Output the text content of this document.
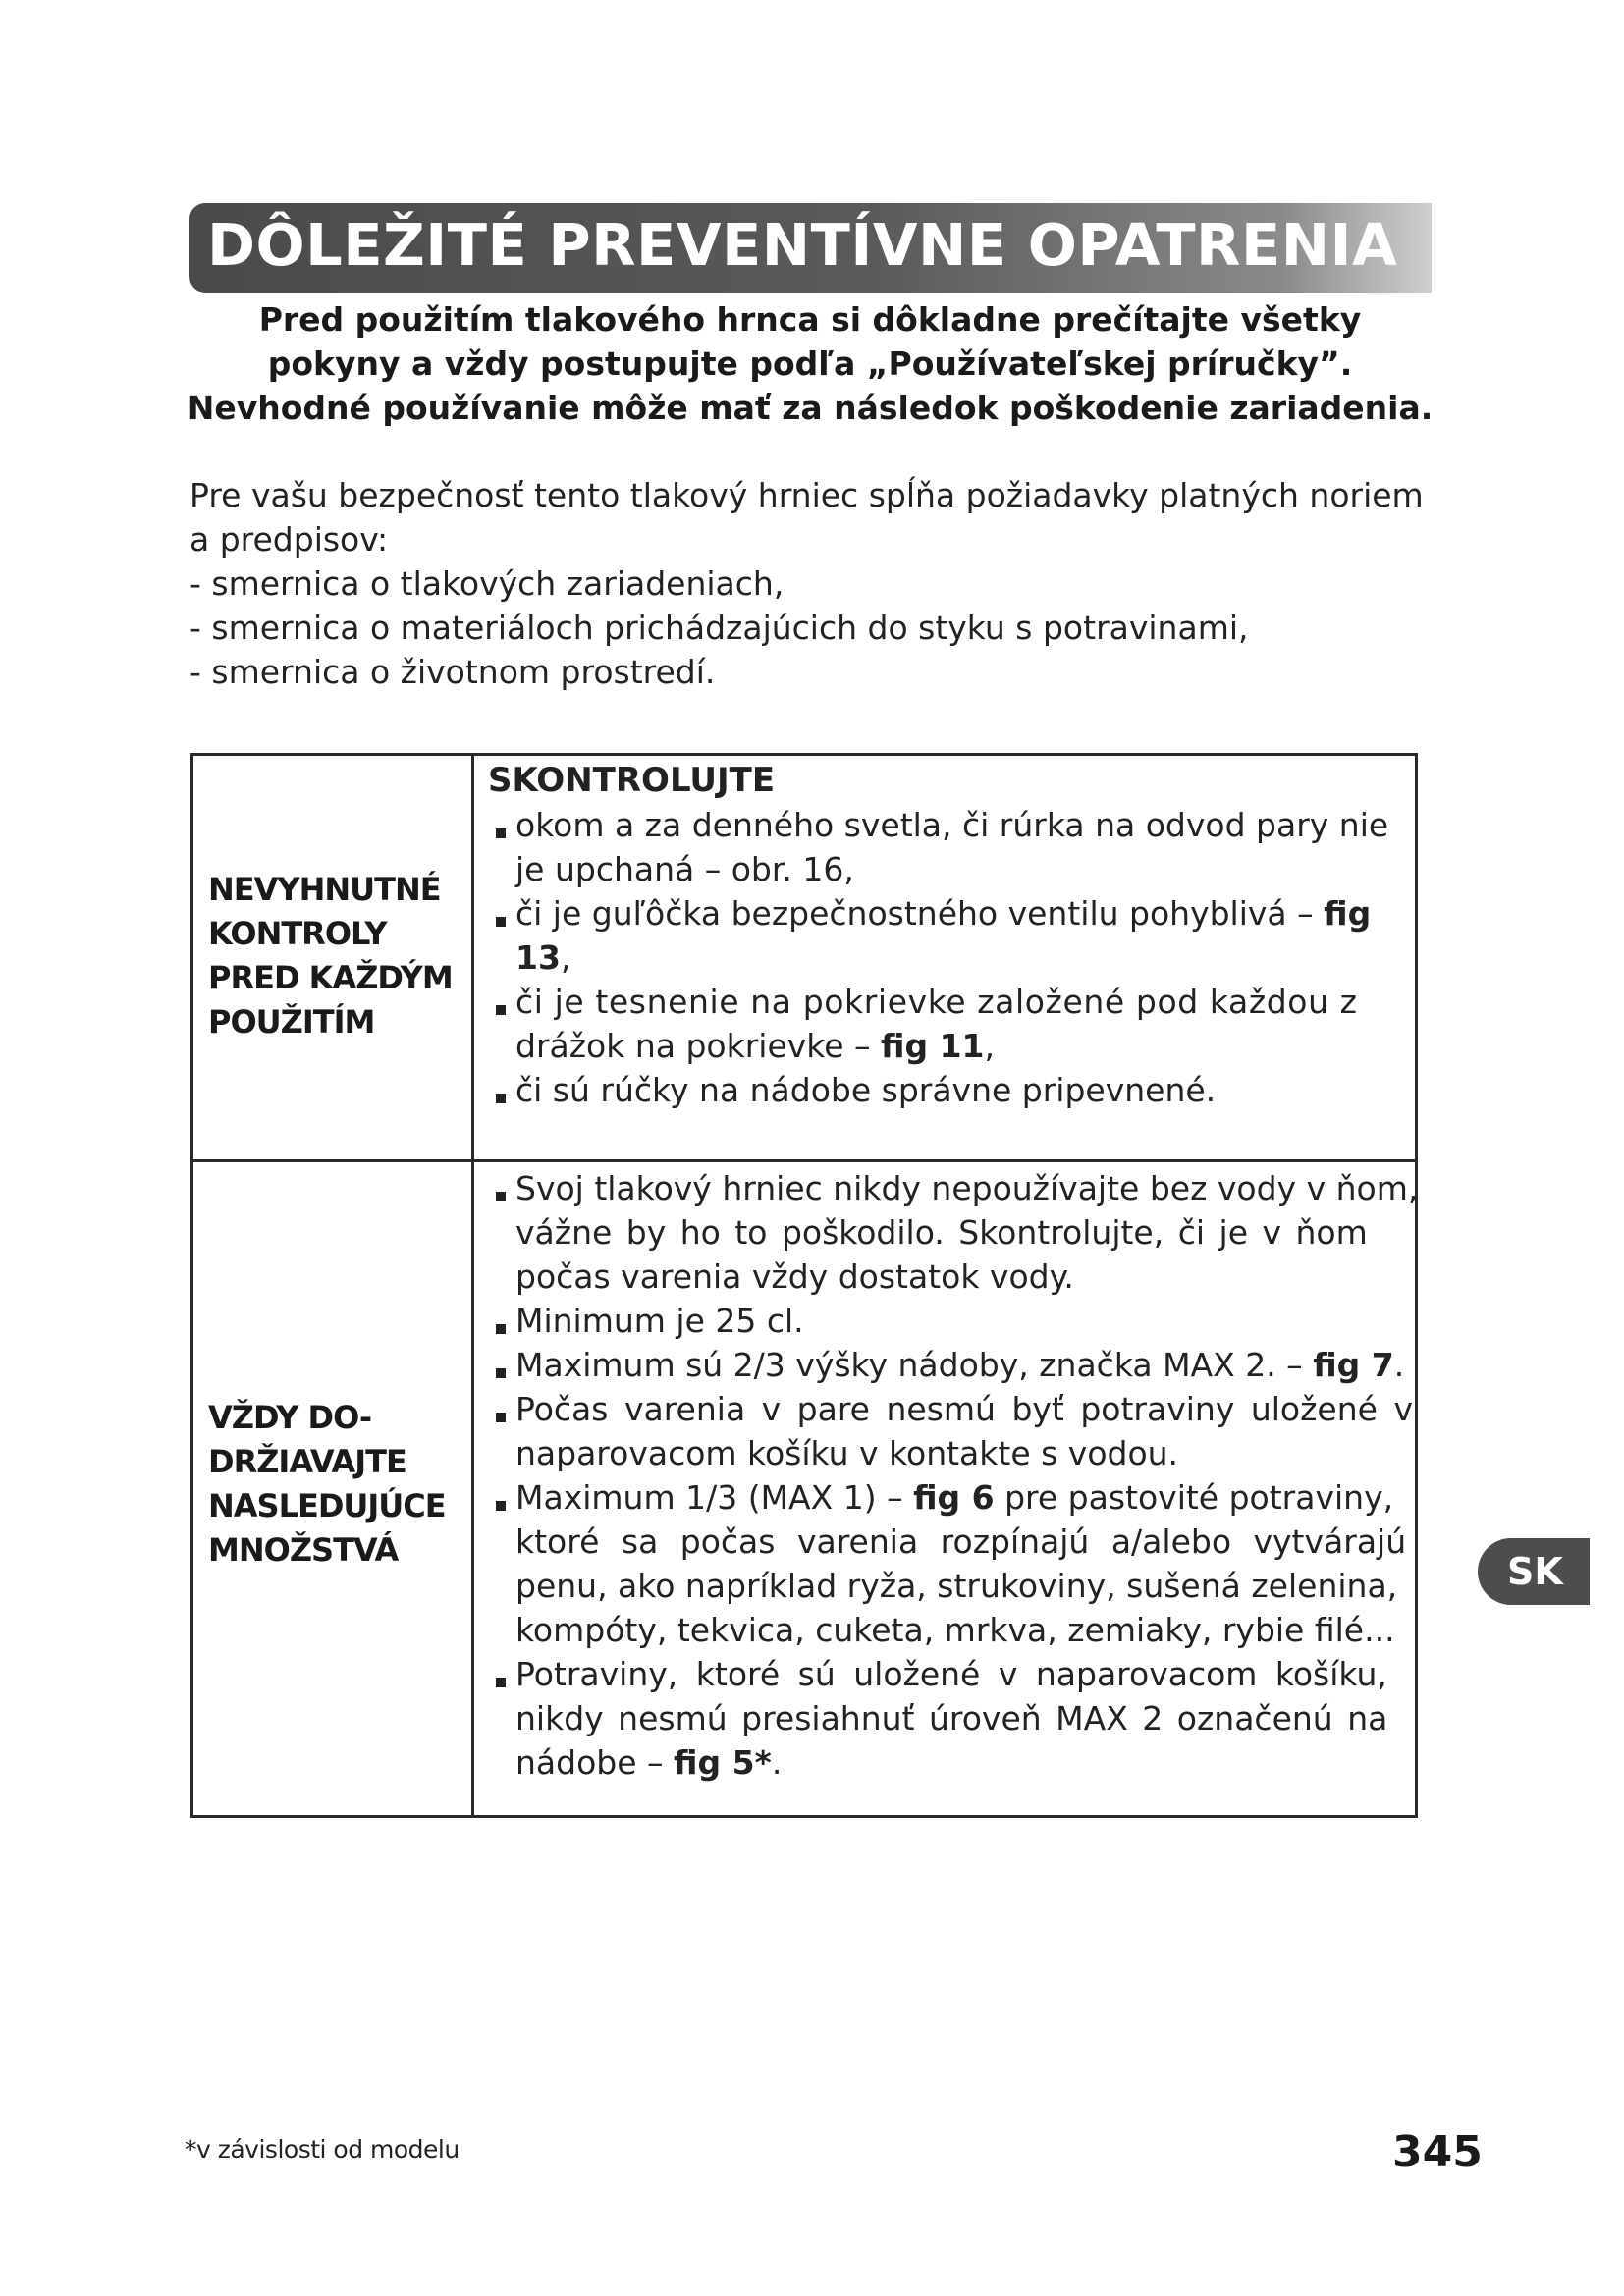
DÔLEŽITÉ PREVENTÍVNE OPATRENIA
Pred použitím tlakového hrnca si dôkladne prečítajte všetky
pokyny a vždy postupujte podľa „Používateľskej príručky”.
Nevhodné používanie môže mať za následok poškodenie zariadenia.
Pre vašu bezpečnosť tento tlakový hrniec spĺňa požiadavky platných noriem
a predpisov:
- smernica o tlakových zariadeniach,
- smernica o materiáloch prichádzajúcich do styku s potravinami,
- smernica o životnom prostredí.
NEVYHNUTNÉ
KONTROLY
PRED KAŽDÝM
POUŽITÍM
SKONTROLUJTE
okom a za denného svetla, či rúrka na odvod pary nie
je upchaná – obr. 16,
či je guľôčka bezpečnostného ventilu pohyblivá – fig
13,
či je tesnenie na pokrievke založené pod každou z
drážok na pokrievke – fig 11,
či sú rúčky na nádobe správne pripevnené.
VŽDY DO-
DRŽIAVAJTE
NASLEDUJÚCE
MNOŽSTVÁ
Svoj tlakový hrniec nikdy nepoužívajte bez vody v ňom,
vážne by ho to poškodilo. Skontrolujte, či je v ňom
počas varenia vždy dostatok vody.
Minimum je 25 cl.
Maximum sú 2/3 výšky nádoby, značka MAX 2. – fig 7.
Počas varenia v pare nesmú byť potraviny uložené v
naparovacom košíku v kontakte s vodou.
Maximum 1/3 (MAX 1) – fig 6 pre pastovité potraviny,
ktoré sa počas varenia rozpínajú a/alebo vytvárajú
penu, ako napríklad ryža, strukoviny, sušená zelenina,
kompóty, tekvica, cuketa, mrkva, zemiaky, rybie filé...
Potraviny, ktoré sú uložené v naparovacom košíku,
nikdy nesmú presiahnuť úroveň MAX 2 označenú na
nádobe – fig 5*.
SK
*v závislosti od modelu	345
